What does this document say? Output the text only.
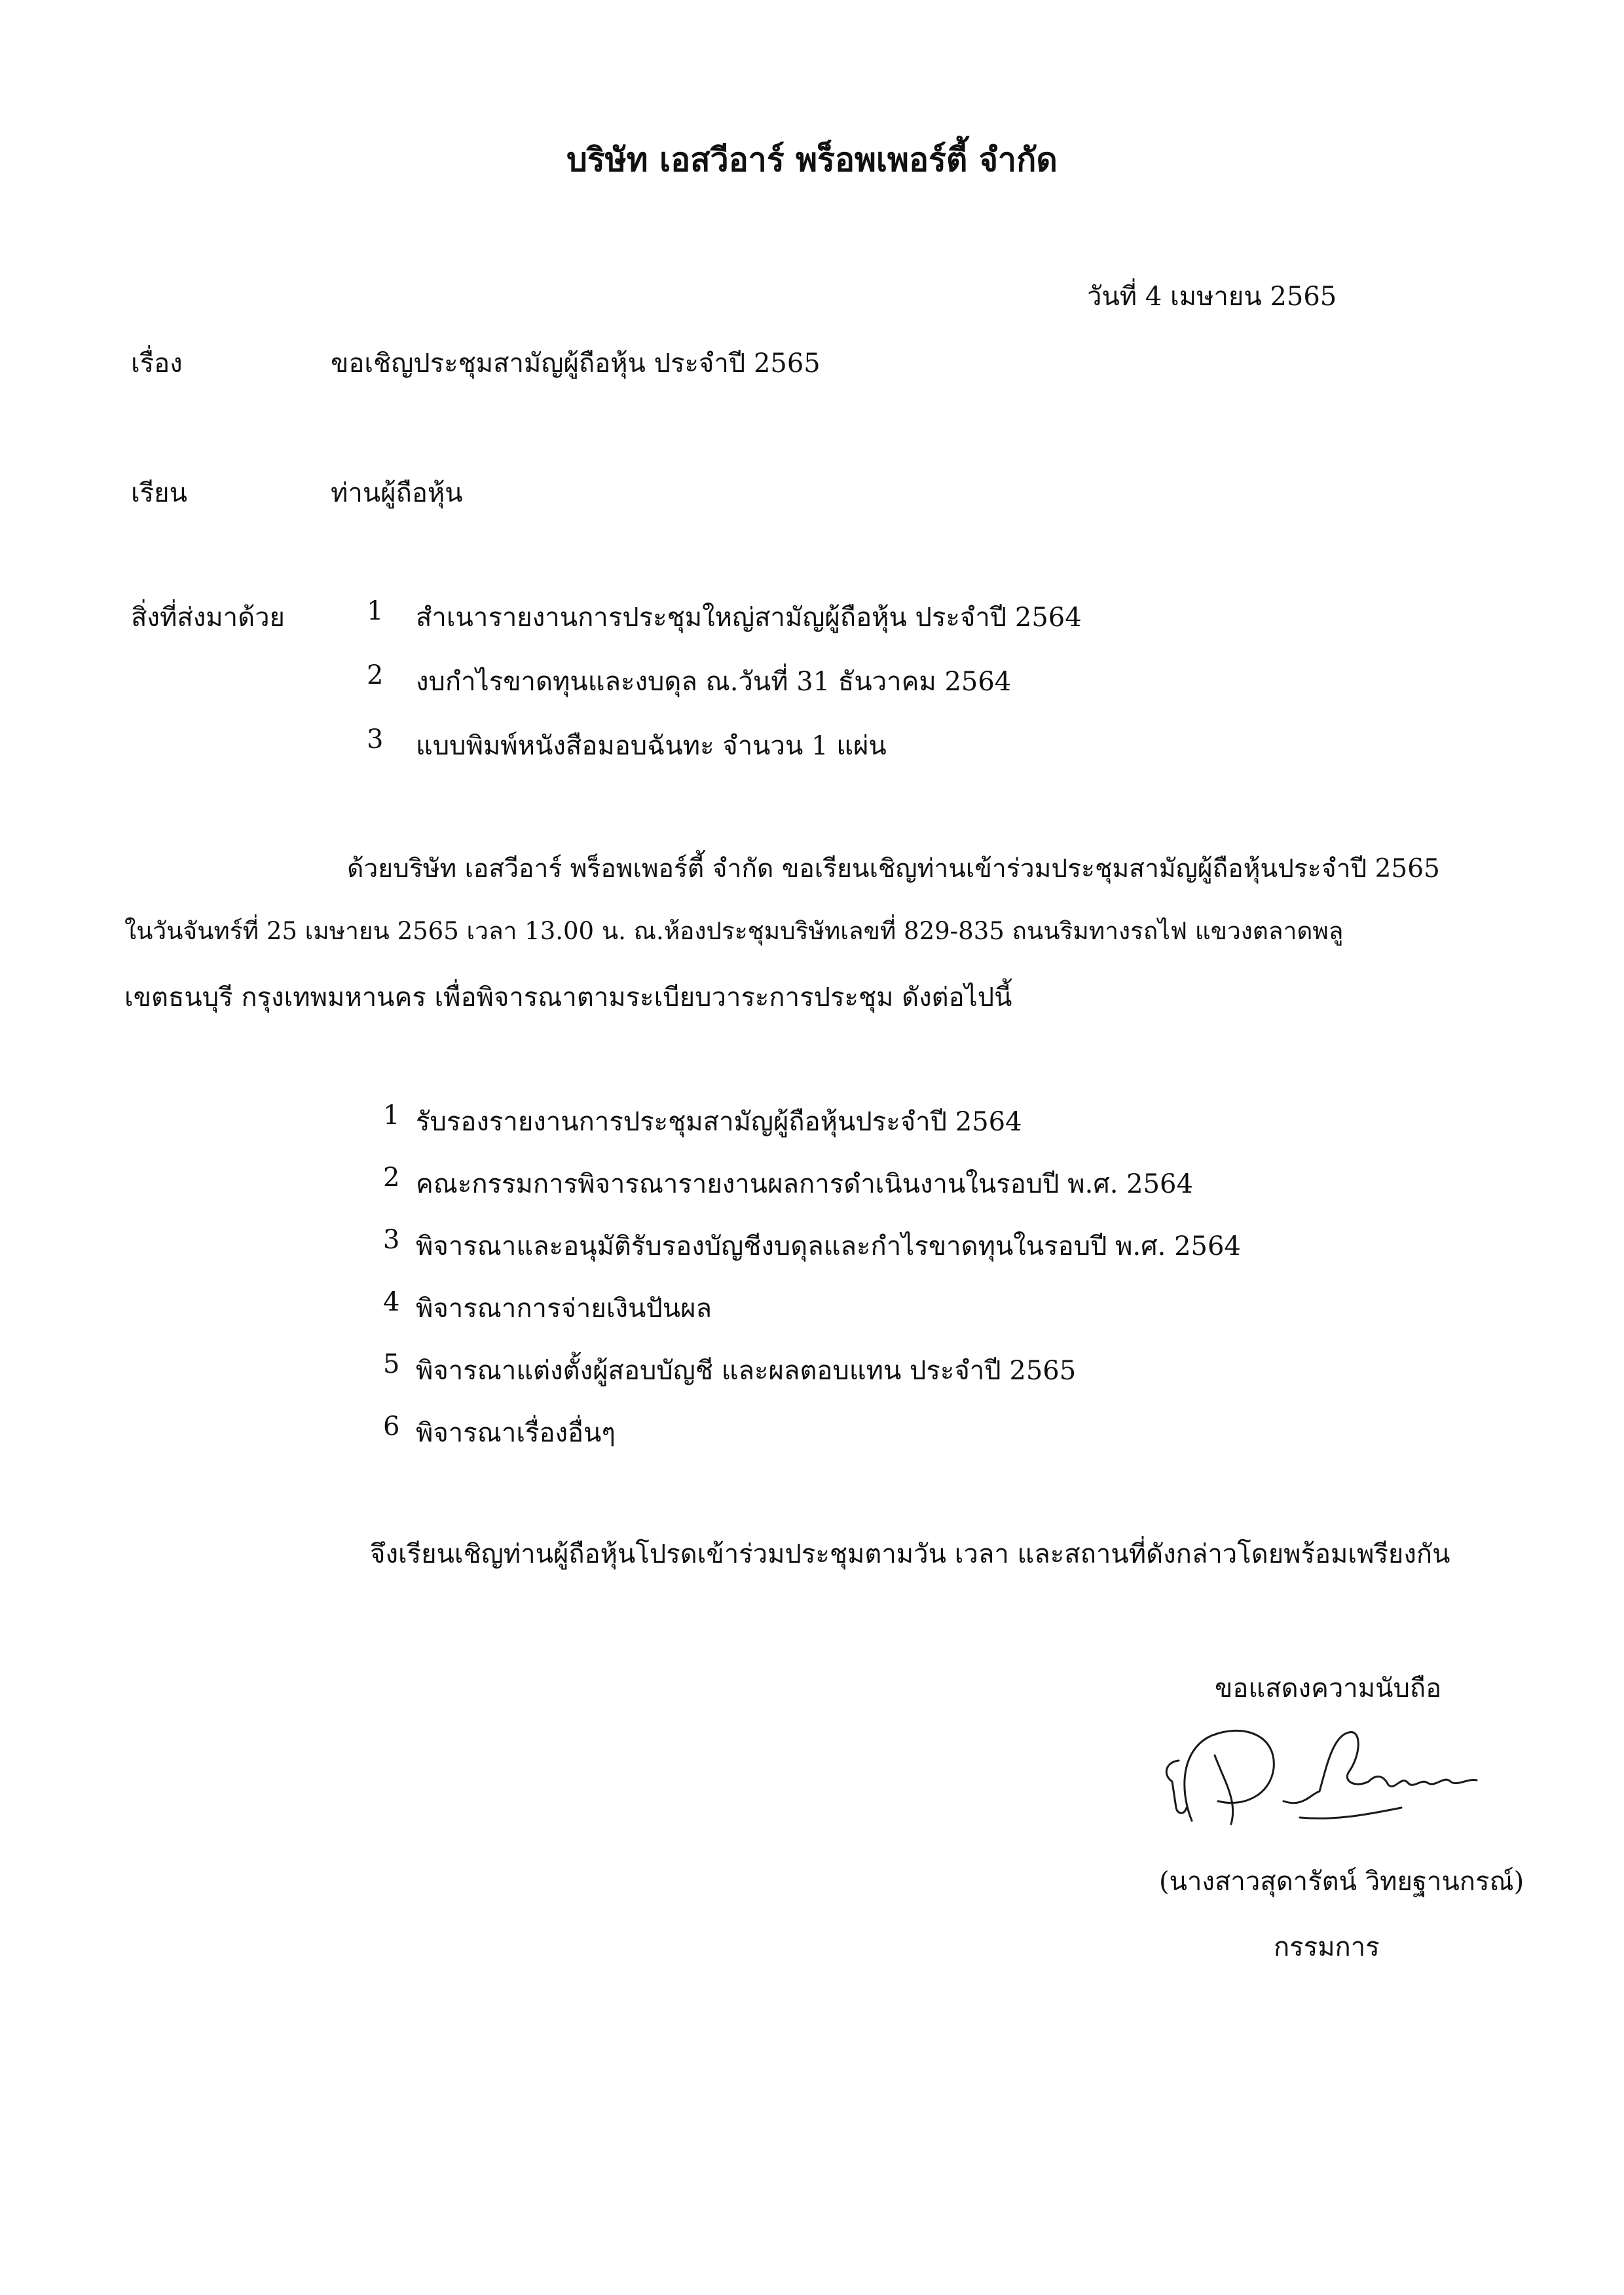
บริษัท เอสวีอาร์ พร็อพเพอร์ตี้ จำกัด
วันที่ 4 เมษายน 2565
เรื่อง	ขอเชิญประชุมสามัญผู้ถือหุ้น ประจำปี 2565
เรียน	ท่านผู้ถือหุ้น
สิ่งที่ส่งมาด้วย	1 สำเนารายงานการประชุมใหญ่สามัญผู้ถือหุ้น ประจำปี 2564
2 งบกำไรขาดทุนและงบดุล ณ.วันที่ 31 ธันวาคม 2564
3 แบบพิมพ์หนังสือมอบฉันทะ จำนวน 1 แผ่น
ด้วยบริษัท เอสวีอาร์ พร็อพเพอร์ตี้ จำกัด ขอเรียนเชิญท่านเข้าร่วมประชุมสามัญผู้ถือหุ้นประจำปี 2565
ในวันจันทร์ที่ 25 เมษายน 2565 เวลา 13.00 น. ณ.ห้องประชุมบริษัทเลขที่ 829-835 ถนนริมทางรถไฟ แขวงตลาดพลู
เขตธนบุรี กรุงเทพมหานคร เพื่อพิจารณาตามระเบียบวาระการประชุม ดังต่อไปนี้
1 รับรองรายงานการประชุมสามัญผู้ถือหุ้นประจำปี 2564
2 คณะกรรมการพิจารณารายงานผลการดำเนินงานในรอบปี พ.ศ. 2564
3 พิจารณาและอนุมัติรับรองบัญชีงบดุลและกำไรขาดทุนในรอบปี พ.ศ. 2564
4 พิจารณาการจ่ายเงินปันผล
5 พิจารณาแต่งตั้งผู้สอบบัญชี และผลตอบแทน ประจำปี 2565
6 พิจารณาเรื่องอื่นๆ
จึงเรียนเชิญท่านผู้ถือหุ้นโปรดเข้าร่วมประชุมตามวัน เวลา และสถานที่ดังกล่าวโดยพร้อมเพรียงกัน
ขอแสดงความนับถือ
(นางสาวสุดารัตน์ วิทยฐานกรณ์)
กรรมการ
